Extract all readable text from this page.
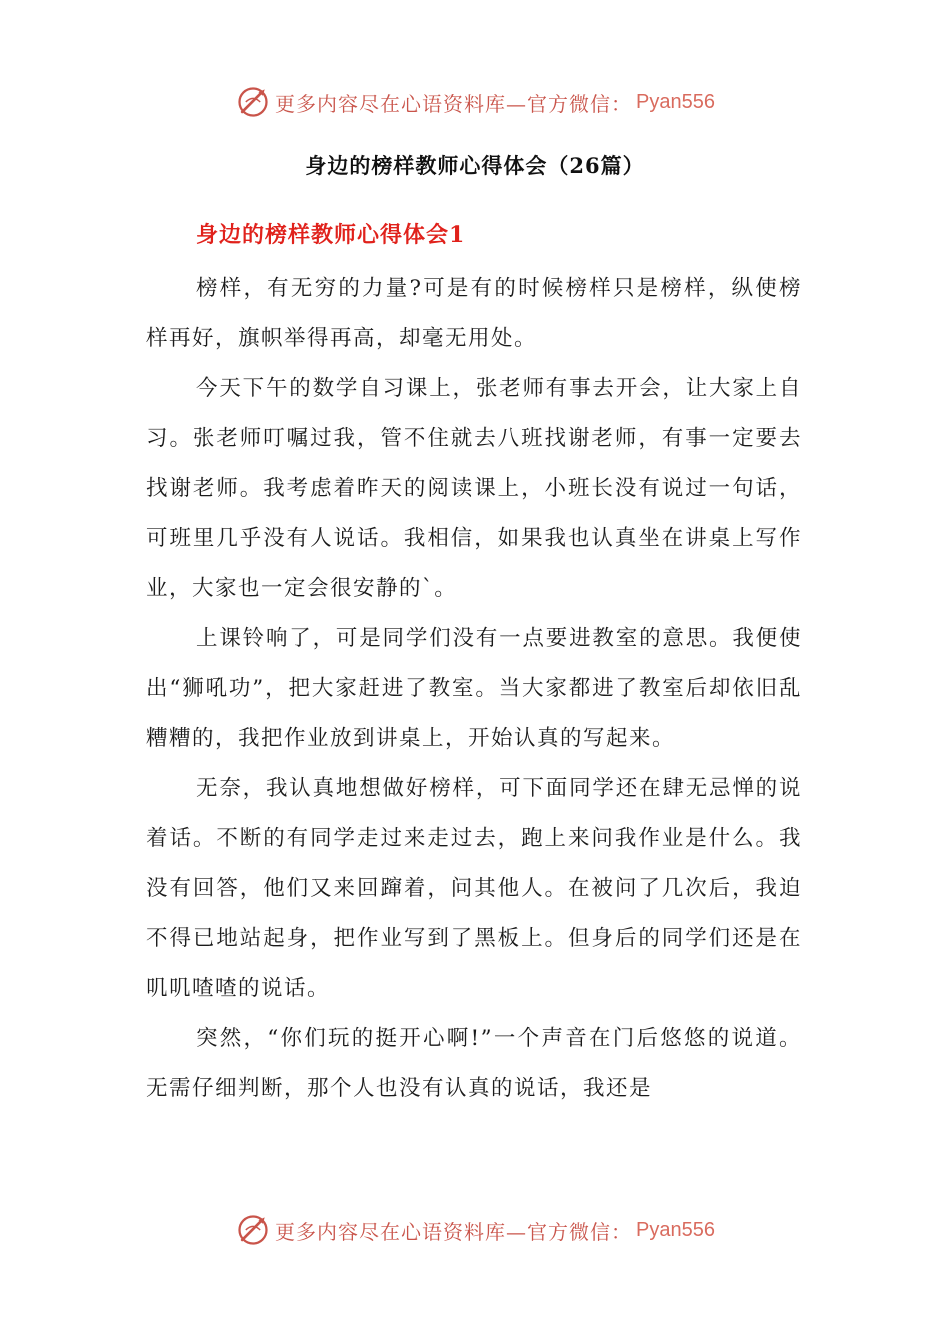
更多内容尽在心语资料库—官方微信： Pyan556
身边的榜样教师心得体会（26篇）
身边的榜样教师心得体会1

榜样，有无穷的力量?可是有的时候榜样只是榜样，纵使榜样再好，旗帜举得再高，却毫无用处。

今天下午的数学自习课上，张老师有事去开会，让大家上自习。张老师叮嘱过我，管不住就去八班找谢老师，有事一定要去找谢老师。我考虑着昨天的阅读课上，小班长没有说过一句话，可班里几乎没有人说话。我相信，如果我也认真坐在讲桌上写作业，大家也一定会很安静的`。

上课铃响了，可是同学们没有一点要进教室的意思。我便使出“狮吼功”，把大家赶进了教室。当大家都进了教室后却依旧乱糟糟的，我把作业放到讲桌上，开始认真的写起来。

无奈，我认真地想做好榜样，可下面同学还在肆无忌惮的说着话。不断的有同学走过来走过去，跑上来问我作业是什么。我没有回答，他们又来回蹿着，问其他人。在被问了几次后，我迫不得已地站起身，把作业写到了黑板上。但身后的同学们还是在叽叽喳喳的说话。

突然，“你们玩的挺开心啊!”一个声音在门后悠悠的说道。无需仔细判断，那个人也没有认真的说话，我还是

更多内容尽在心语资料库—官方微信： Pyan556
